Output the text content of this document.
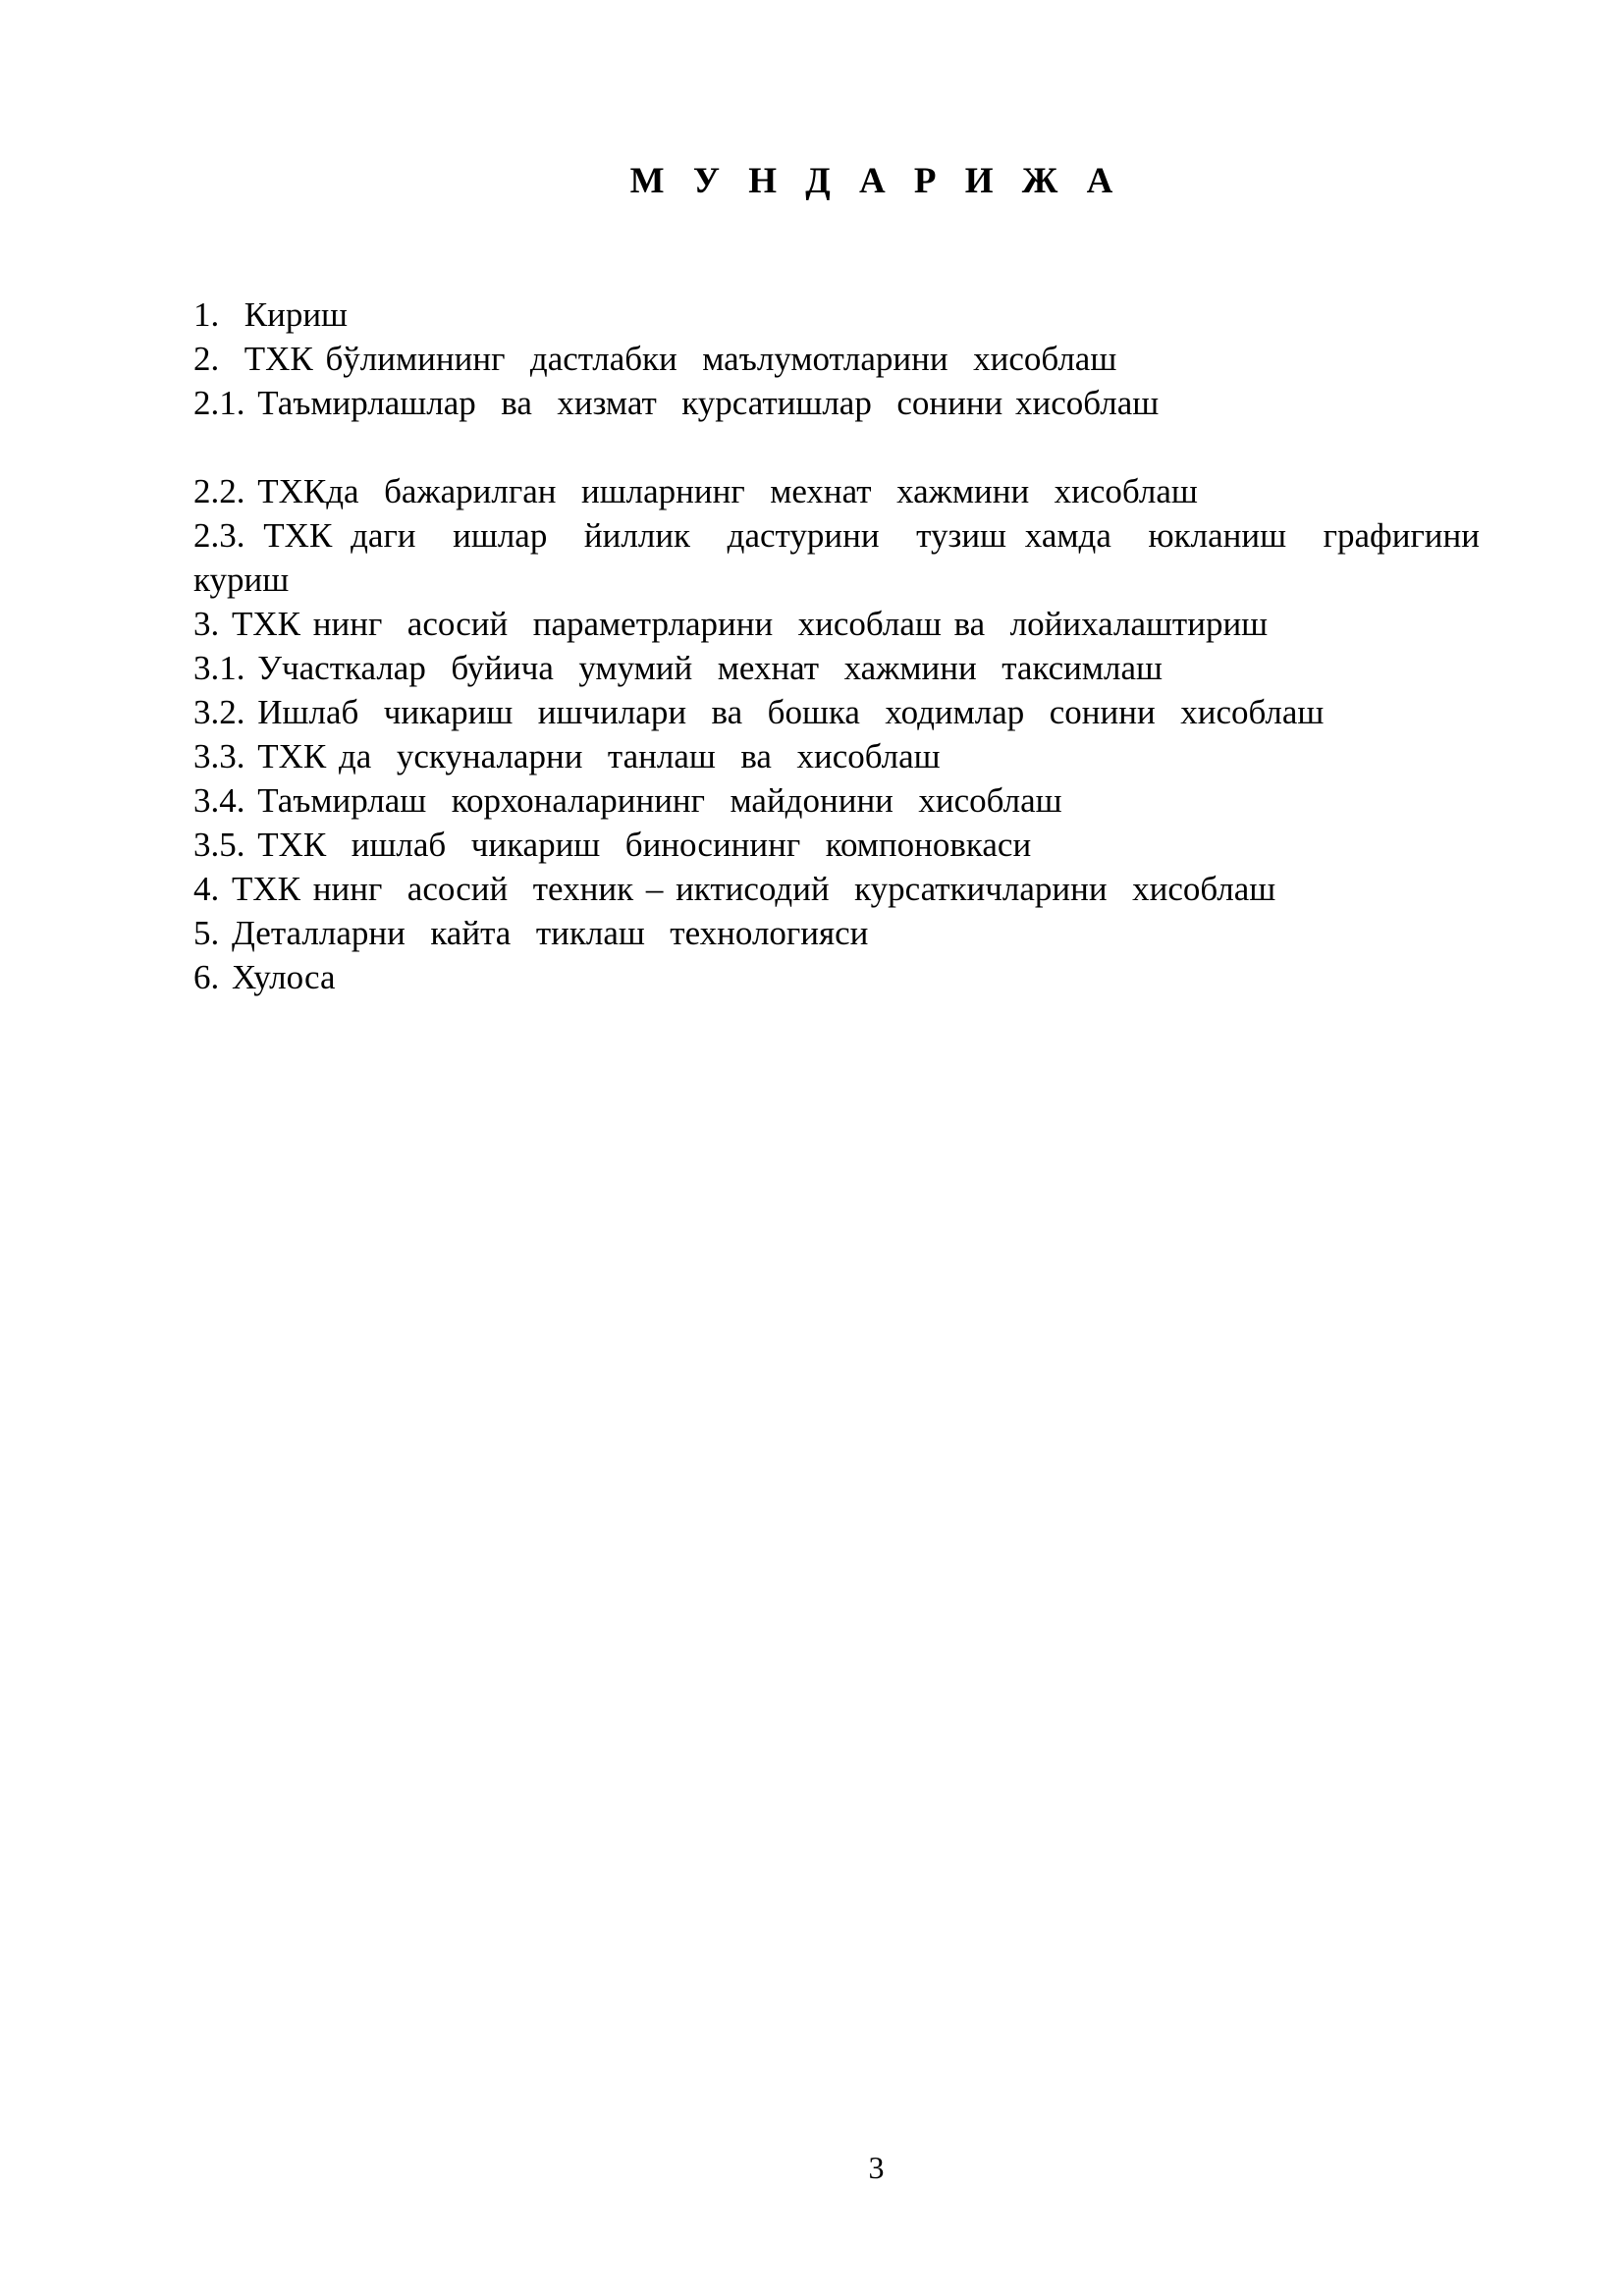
М У Н Д А Р И Ж А
1.  Кириш
2.  ТХК бўлимининг  дастлабки  маълумотларини  хисоблаш
2.1. Таъмирлашлар  ва  хизмат  курсатишлар  сонини хисоблаш
2.2. ТХКда  бажарилган  ишларнинг  мехнат  хажмини  хисоблаш
2.3. ТХК даги  ишлар  йиллик  дастурини  тузиш хамда  юкланиш  графигини  куриш
3. ТХК нинг  асосий  параметрларини  хисоблаш ва  лойихалаштириш
3.1. Участкалар  буйича  умумий  мехнат  хажмини  таксимлаш
3.2. Ишлаб  чикариш  ишчилари  ва  бошка  ходимлар  сонини  хисоблаш
3.3. ТХК да  ускуналарни  танлаш  ва  хисоблаш
3.4. Таъмирлаш  корхоналарининг  майдонини  хисоблаш
3.5. ТХК  ишлаб  чикариш  биносининг  компоновкаси
4. ТХК нинг  асосий  техник – иктисодий  курсаткичларини  хисоблаш
5. Деталларни  кайта  тиклаш  технологияси
6. Хулоса
3
